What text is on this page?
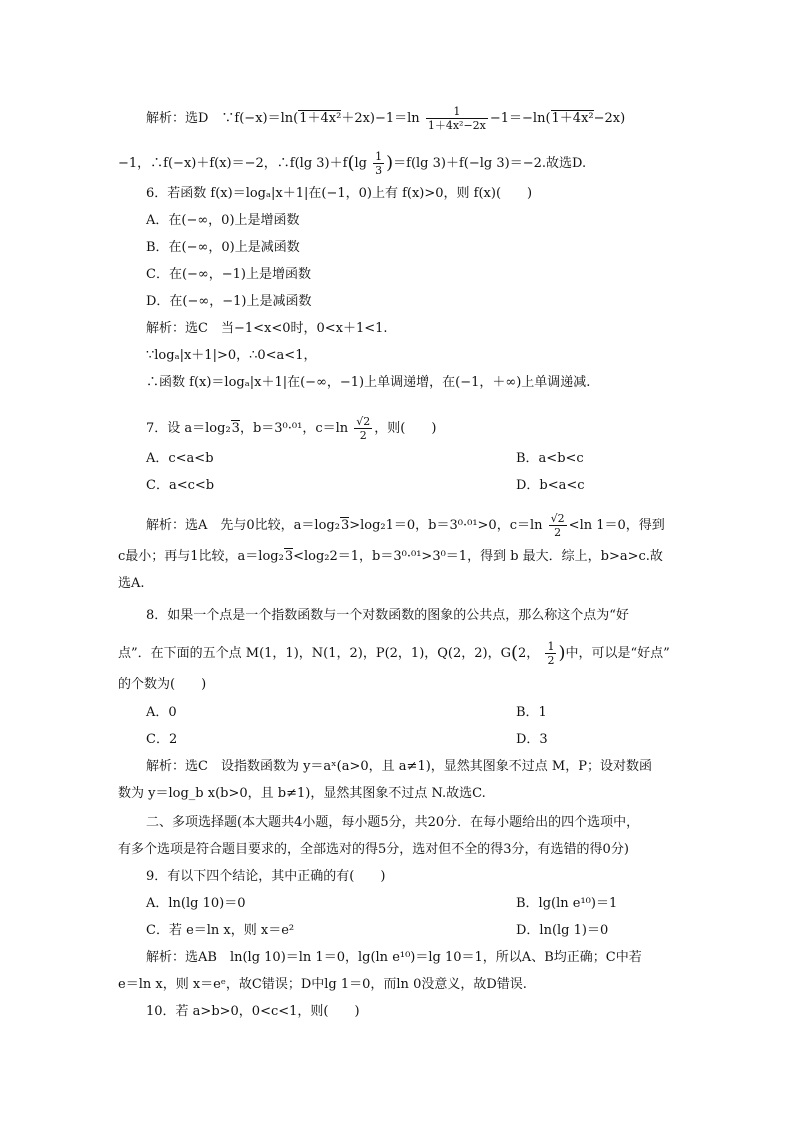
解析：选D　∵f(−x)＝ln(1＋4x²＋2x)−1＝ln $\frac{1}{\text{1＋4x²−2x}} -1=-\ln(1+4x^2-2x)$
−1，∴f(−x)＋f(x)＝−2，∴f(lg $3)+f(\lg \frac{1}{3} )=f(\lg$ 3)＋f(−lg 3)＝−2.故选D.
6．若函数 f(x)＝logₐ|x＋1|在(−1，0)上有 f(x)>0，则 f(x)(　　)
A．在(−∞，0)上是增函数
B．在(−∞，0)上是减函数
C．在(−∞，−1)上是增函数
D．在(−∞，−1)上是减函数
解析：选C　当−1<x<0时，0<x＋1<1.
∵logₐ|x＋1|>0，∴0<a<1，
∴函数 f(x)＝logₐ|x＋1|在(−∞，−1)上单调递增，在(−1，＋∞)上单调递减.
7．设 a＝log₂3，b＝3⁰·⁰¹，$c=\ln \frac{√2}{2}$ ，则(　　)
A．c<a<b	B．a<b<c
C．a<c<b	D．b<a<c
解析：选A　先与0比较，a＝log₂3>log₂1＝0，b＝3⁰·⁰¹>0，$c=\ln \frac{√2}{2} <\ln$ 1＝0，得到
c最小；再与1比较，a＝log₂3<log₂2＝1，b＝3⁰·⁰¹>3⁰＝1，得到 b 最大．综上，b>a>c.故
选A.
8．如果一个点是一个指数函数与一个对数函数的图象的公共点，那么称这个点为“好
点”．在下面的五个点 M(1，1)，N(1，2)，P(2，1)，Q(2，2)，G(2， $\frac{1}{2}$ )中，可以是“好点”
的个数为(　　)
A．0	B．1
C．2	D．3
解析：选C　设指数函数为 y＝aˣ(a>0，且 a≠1)，显然其图象不过点 M，P；设对数函
数为 y＝log_b x(b>0，且 b≠1)，显然其图象不过点 N.故选C.
二、多项选择题(本大题共4小题，每小题5分，共20分．在每小题给出的四个选项中，
有多个选项是符合题目要求的，全部选对的得5分，选对但不全的得3分，有选错的得0分)
9．有以下四个结论，其中正确的有(　　)
A．ln(lg 10)＝0	B．lg(ln e¹⁰)＝1
C．若 e＝ln x，则 x＝e²	D．ln(lg 1)＝0
解析：选AB　ln(lg 10)＝ln 1＝0，lg(ln e¹⁰)＝lg 10＝1，所以A、B均正确；C中若
e＝ln x，则 x＝eᵉ，故C错误；D中lg 1＝0，而ln 0没意义，故D错误.
10．若 a>b>0，0<c<1，则(　　)
